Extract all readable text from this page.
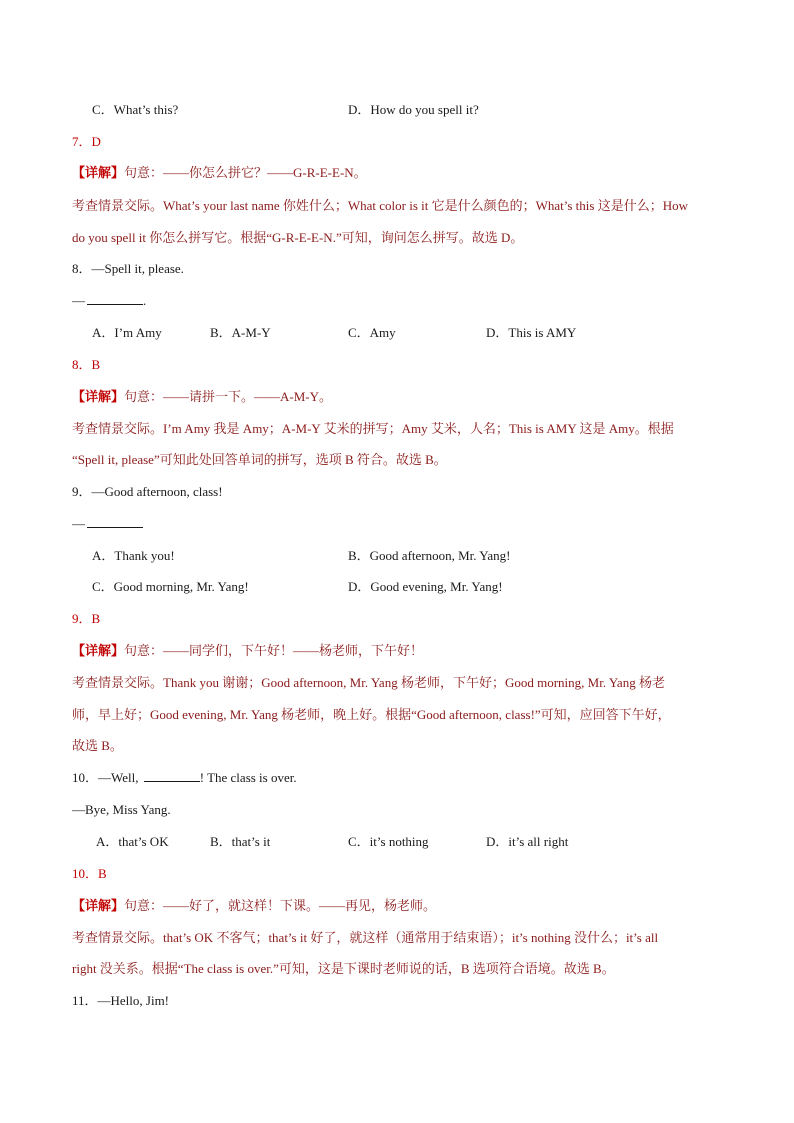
C．What’s this?	D．How do you spell it?
7．D
【详解】句意：——你怎么拼它？——G-R-E-E-N。
考查情景交际。What’s your last name 你姓什么；What color is it 它是什么颜色的；What’s this 这是什么；How
do you spell it 你怎么拼写它。根据“G-R-E-E-N.”可知，询问怎么拼写。故选 D。
8．—Spell it, please.
—	.
A．I’m Amy	B．A-M-Y	C．Amy	D．This is AMY
8．B
【详解】句意：——请拼一下。——A-M-Y。
考查情景交际。I’m Amy 我是 Amy；A-M-Y 艾米的拼写；Amy 艾米，人名；This is AMY 这是 Amy。根据
“Spell it, please”可知此处回答单词的拼写，选项 B 符合。故选 B。
9．—Good afternoon, class!
—
A．Thank you!	B．Good afternoon, Mr. Yang!
C．Good morning, Mr. Yang!	D．Good evening, Mr. Yang!
9．B
【详解】句意：——同学们，下午好！——杨老师，下午好！
考查情景交际。Thank you 谢谢；Good afternoon, Mr. Yang 杨老师，下午好；Good morning, Mr. Yang 杨老
师，早上好；Good evening, Mr. Yang 杨老师，晚上好。根据“Good afternoon, class!”可知，应回答下午好，
故选 B。
10．—Well,	! The class is over.
—Bye, Miss Yang.
A．that’s OK	B．that’s it	C．it’s nothing	D．it’s all right
10．B
【详解】句意：——好了，就这样！下课。——再见，杨老师。
考查情景交际。that’s OK 不客气；that’s it 好了，就这样（通常用于结束语）；it’s nothing 没什么；it’s all
right 没关系。根据“The class is over.”可知，这是下课时老师说的话，B 选项符合语境。故选 B。
11．—Hello, Jim!
